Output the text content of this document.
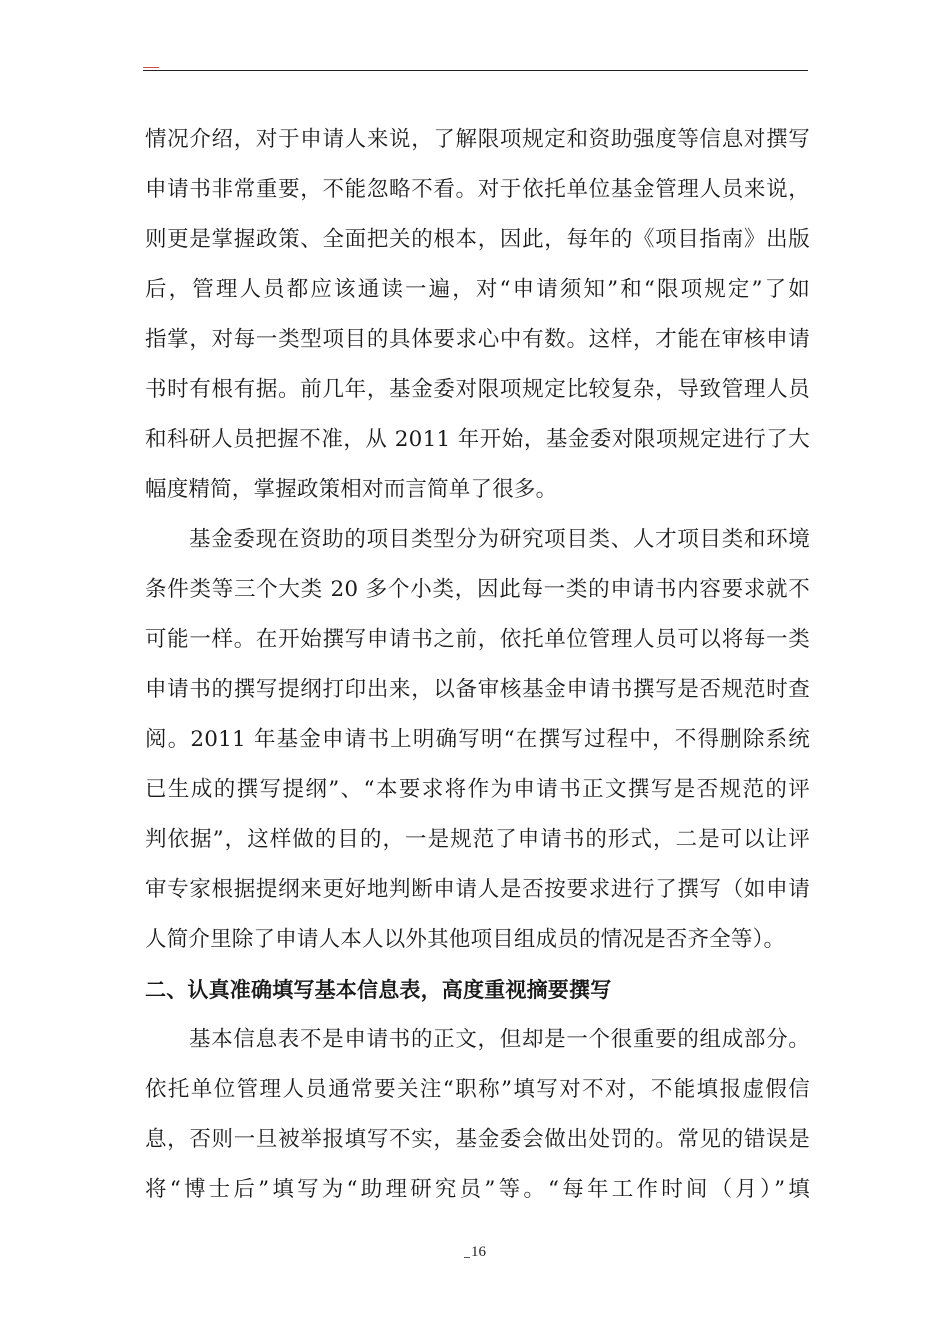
情况介绍，对于申请人来说，了解限项规定和资助强度等信息对撰写
申请书非常重要，不能忽略不看。对于依托单位基金管理人员来说，
则更是掌握政策、全面把关的根本，因此，每年的《项目指南》出版
后，管理人员都应该通读一遍，对“申请须知”和“限项规定”了如
指掌，对每一类型项目的具体要求心中有数。这样，才能在审核申请
书时有根有据。前几年，基金委对限项规定比较复杂，导致管理人员
和科研人员把握不准，从 2011 年开始，基金委对限项规定进行了大
幅度精简，掌握政策相对而言简单了很多。
基金委现在资助的项目类型分为研究项目类、人才项目类和环境
条件类等三个大类 20 多个小类，因此每一类的申请书内容要求就不
可能一样。在开始撰写申请书之前，依托单位管理人员可以将每一类
申请书的撰写提纲打印出来，以备审核基金申请书撰写是否规范时查
阅。2011 年基金申请书上明确写明“在撰写过程中，不得删除系统
已生成的撰写提纲”、“本要求将作为申请书正文撰写是否规范的评
判依据”，这样做的目的，一是规范了申请书的形式，二是可以让评
审专家根据提纲来更好地判断申请人是否按要求进行了撰写（如申请
人简介里除了申请人本人以外其他项目组成员的情况是否齐全等）。
二、认真准确填写基本信息表，高度重视摘要撰写
基本信息表不是申请书的正文，但却是一个很重要的组成部分。
依托单位管理人员通常要关注“职称”填写对不对，不能填报虚假信
息，否则一旦被举报填写不实，基金委会做出处罚的。常见的错误是
将“博士后”填写为“助理研究员”等。“每年工作时间（月）”填
16
